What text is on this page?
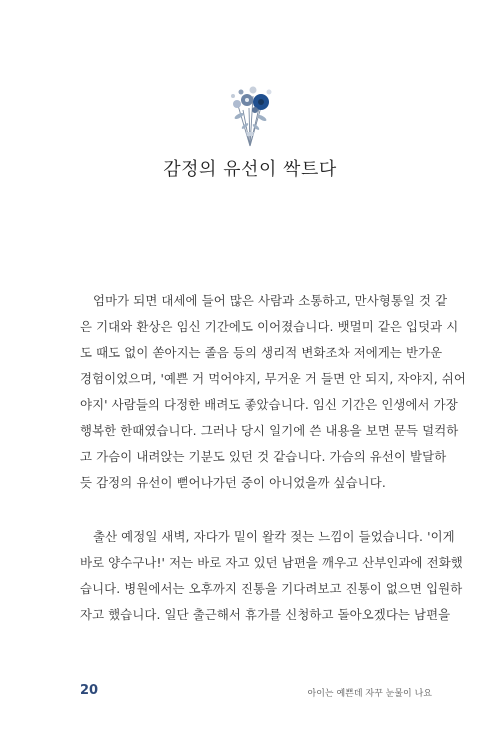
감정의 유선이 싹트다
엄마가 되면 대세에 들어 많은 사람과 소통하고, 만사형통일 것 같
은 기대와 환상은 임신 기간에도 이어졌습니다. 뱃멀미 같은 입덧과 시
도 때도 없이 쏟아지는 졸음 등의 생리적 변화조차 저에게는 반가운
경험이었으며, '예쁜 거 먹어야지, 무거운 거 들면 안 되지, 자야지, 쉬어
야지' 사람들의 다정한 배려도 좋았습니다. 임신 기간은 인생에서 가장
행복한 한때였습니다. 그러나 당시 일기에 쓴 내용을 보면 문득 덜컥하
고 가슴이 내려앉는 기분도 있던 것 같습니다. 가슴의 유선이 발달하
듯 감정의 유선이 뻗어나가던 중이 아니었을까 싶습니다.
출산 예정일 새벽, 자다가 밑이 왈칵 젖는 느낌이 들었습니다. '이게
바로 양수구나!' 저는 바로 자고 있던 남편을 깨우고 산부인과에 전화했
습니다. 병원에서는 오후까지 진통을 기다려보고 진통이 없으면 입원하
자고 했습니다. 일단 출근해서 휴가를 신청하고 돌아오겠다는 남편을
20	아이는 예쁜데 자꾸 눈물이 나요
